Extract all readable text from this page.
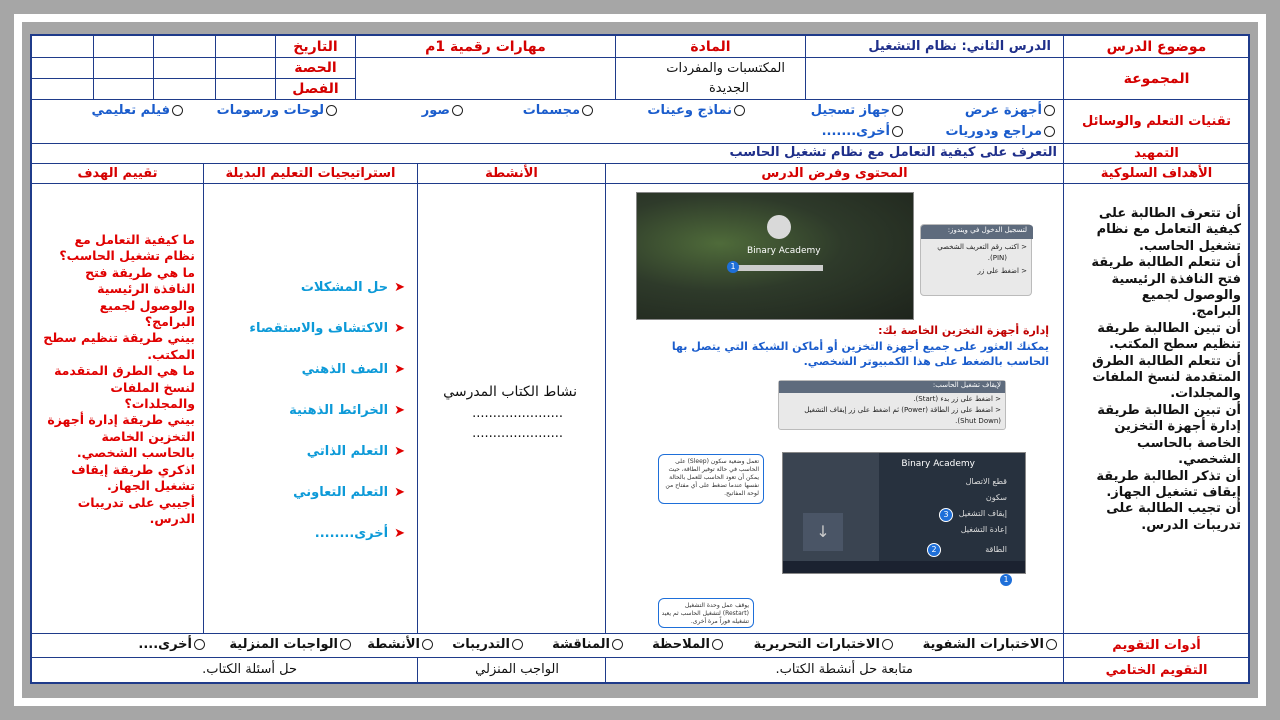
موضوع الدرس
الدرس الثاني: نظام التشغيل
المادة
مهارات رقمية 1م
التاريخ
المجموعة
المكتسبات والمفردات
الجديدة
الحصة
الفصل
تقنيات التعلم والوسائل
أجهزة عرض
جهاز تسجيل
نماذج وعينات
مجسمات
صور
لوحات ورسومات
فيلم تعليمي
مراجع ودوريات
أخرى.......
التمهيد
التعرف على كيفية التعامل مع نظام تشغيل الحاسب
الأهداف السلوكية
المحتوى وفرض الدرس
الأنشطة
استراتيجيات التعليم البديلة
تقييم الهدف
أن تتعرف الطالبة على
كيفية التعامل مع نظام
تشغيل الحاسب.
أن تتعلم الطالبة طريقة
فتح النافذة الرئيسية
والوصول لجميع
البرامج.
أن تبين الطالبة طريقة
تنظيم سطح المكتب.
أن تتعلم الطالبة الطرق
المتقدمة لنسخ الملفات
والمجلدات.
أن تبين الطالبة طريقة
إدارة أجهزة التخزين
الخاصة بالحاسب
الشخصي.
أن تذكر الطالبة طريقة
إيقاف تشغيل الجهاز.
أن تجيب الطالبة على
تدريبات الدرس.
Binary Academy
1
لتسجيل الدخول في ويندوز:
< اكتب رقم التعريف الشخصي
(PIN).
< اضغط على زر
إدارة أجهزة التخزين الخاصة بك:
يمكنك العثور على جميع أجهزة التخزين أو أماكن الشبكة التي يتصل بها
الحاسب بالضغط على هذا الكمبيوتر الشخصي.
لإيقاف تشغيل الحاسب:
< اضغط على زر بدء (Start).
< اضغط على زر الطاقة (Power) ثم اضغط على زر إيقاف التشغيل
(Shut Down).
↓
Binary Academy
قطع الاتصال
سكون
إيقاف التشغيل
إعادة التشغيل
الطاقة
3
2
1
تعمل وضعية سكون (Sleep) على الحاسب في حالة توفير الطاقة، حيث يمكن أن تعود الحاسب للعمل بالحالة نفسها عندما تضغط على أي مفتاح من لوحة المفاتيح.
يوقف عمل وحدة التشغيل (Restart) لتشغيل الحاسب ثم يعيد تشغيله فوراً مرة أخرى.
نشاط الكتاب المدرسي
......................
......................
➤حل المشكلات
➤الاكتشاف والاستقصاء
➤الصف الذهني
➤الخرائط الذهنية
➤التعلم الذاتي
➤التعلم التعاوني
➤أخرى........
ما كيفية التعامل مع
نظام تشغيل الحاسب؟
ما هي طريقة فتح
النافذة الرئيسية
والوصول لجميع
البرامج؟
بيني طريقة تنظيم سطح
المكتب.
ما هي الطرق المتقدمة
لنسخ الملفات
والمجلدات؟
بيني طريقة إدارة أجهزة
التخزين الخاصة
بالحاسب الشخصي.
اذكري طريقة إيقاف
تشغيل الجهاز.
أجيبي على تدريبات
الدرس.
أدوات التقويم
الاختبارات الشفوية
الاختبارات التحريرية
الملاحظة
المناقشة
التدريبات
الأنشطة
الواجبات المنزلية
أخرى....
التقويم الختامي
متابعة حل أنشطة الكتاب.
الواجب المنزلي
حل أسئلة الكتاب.
